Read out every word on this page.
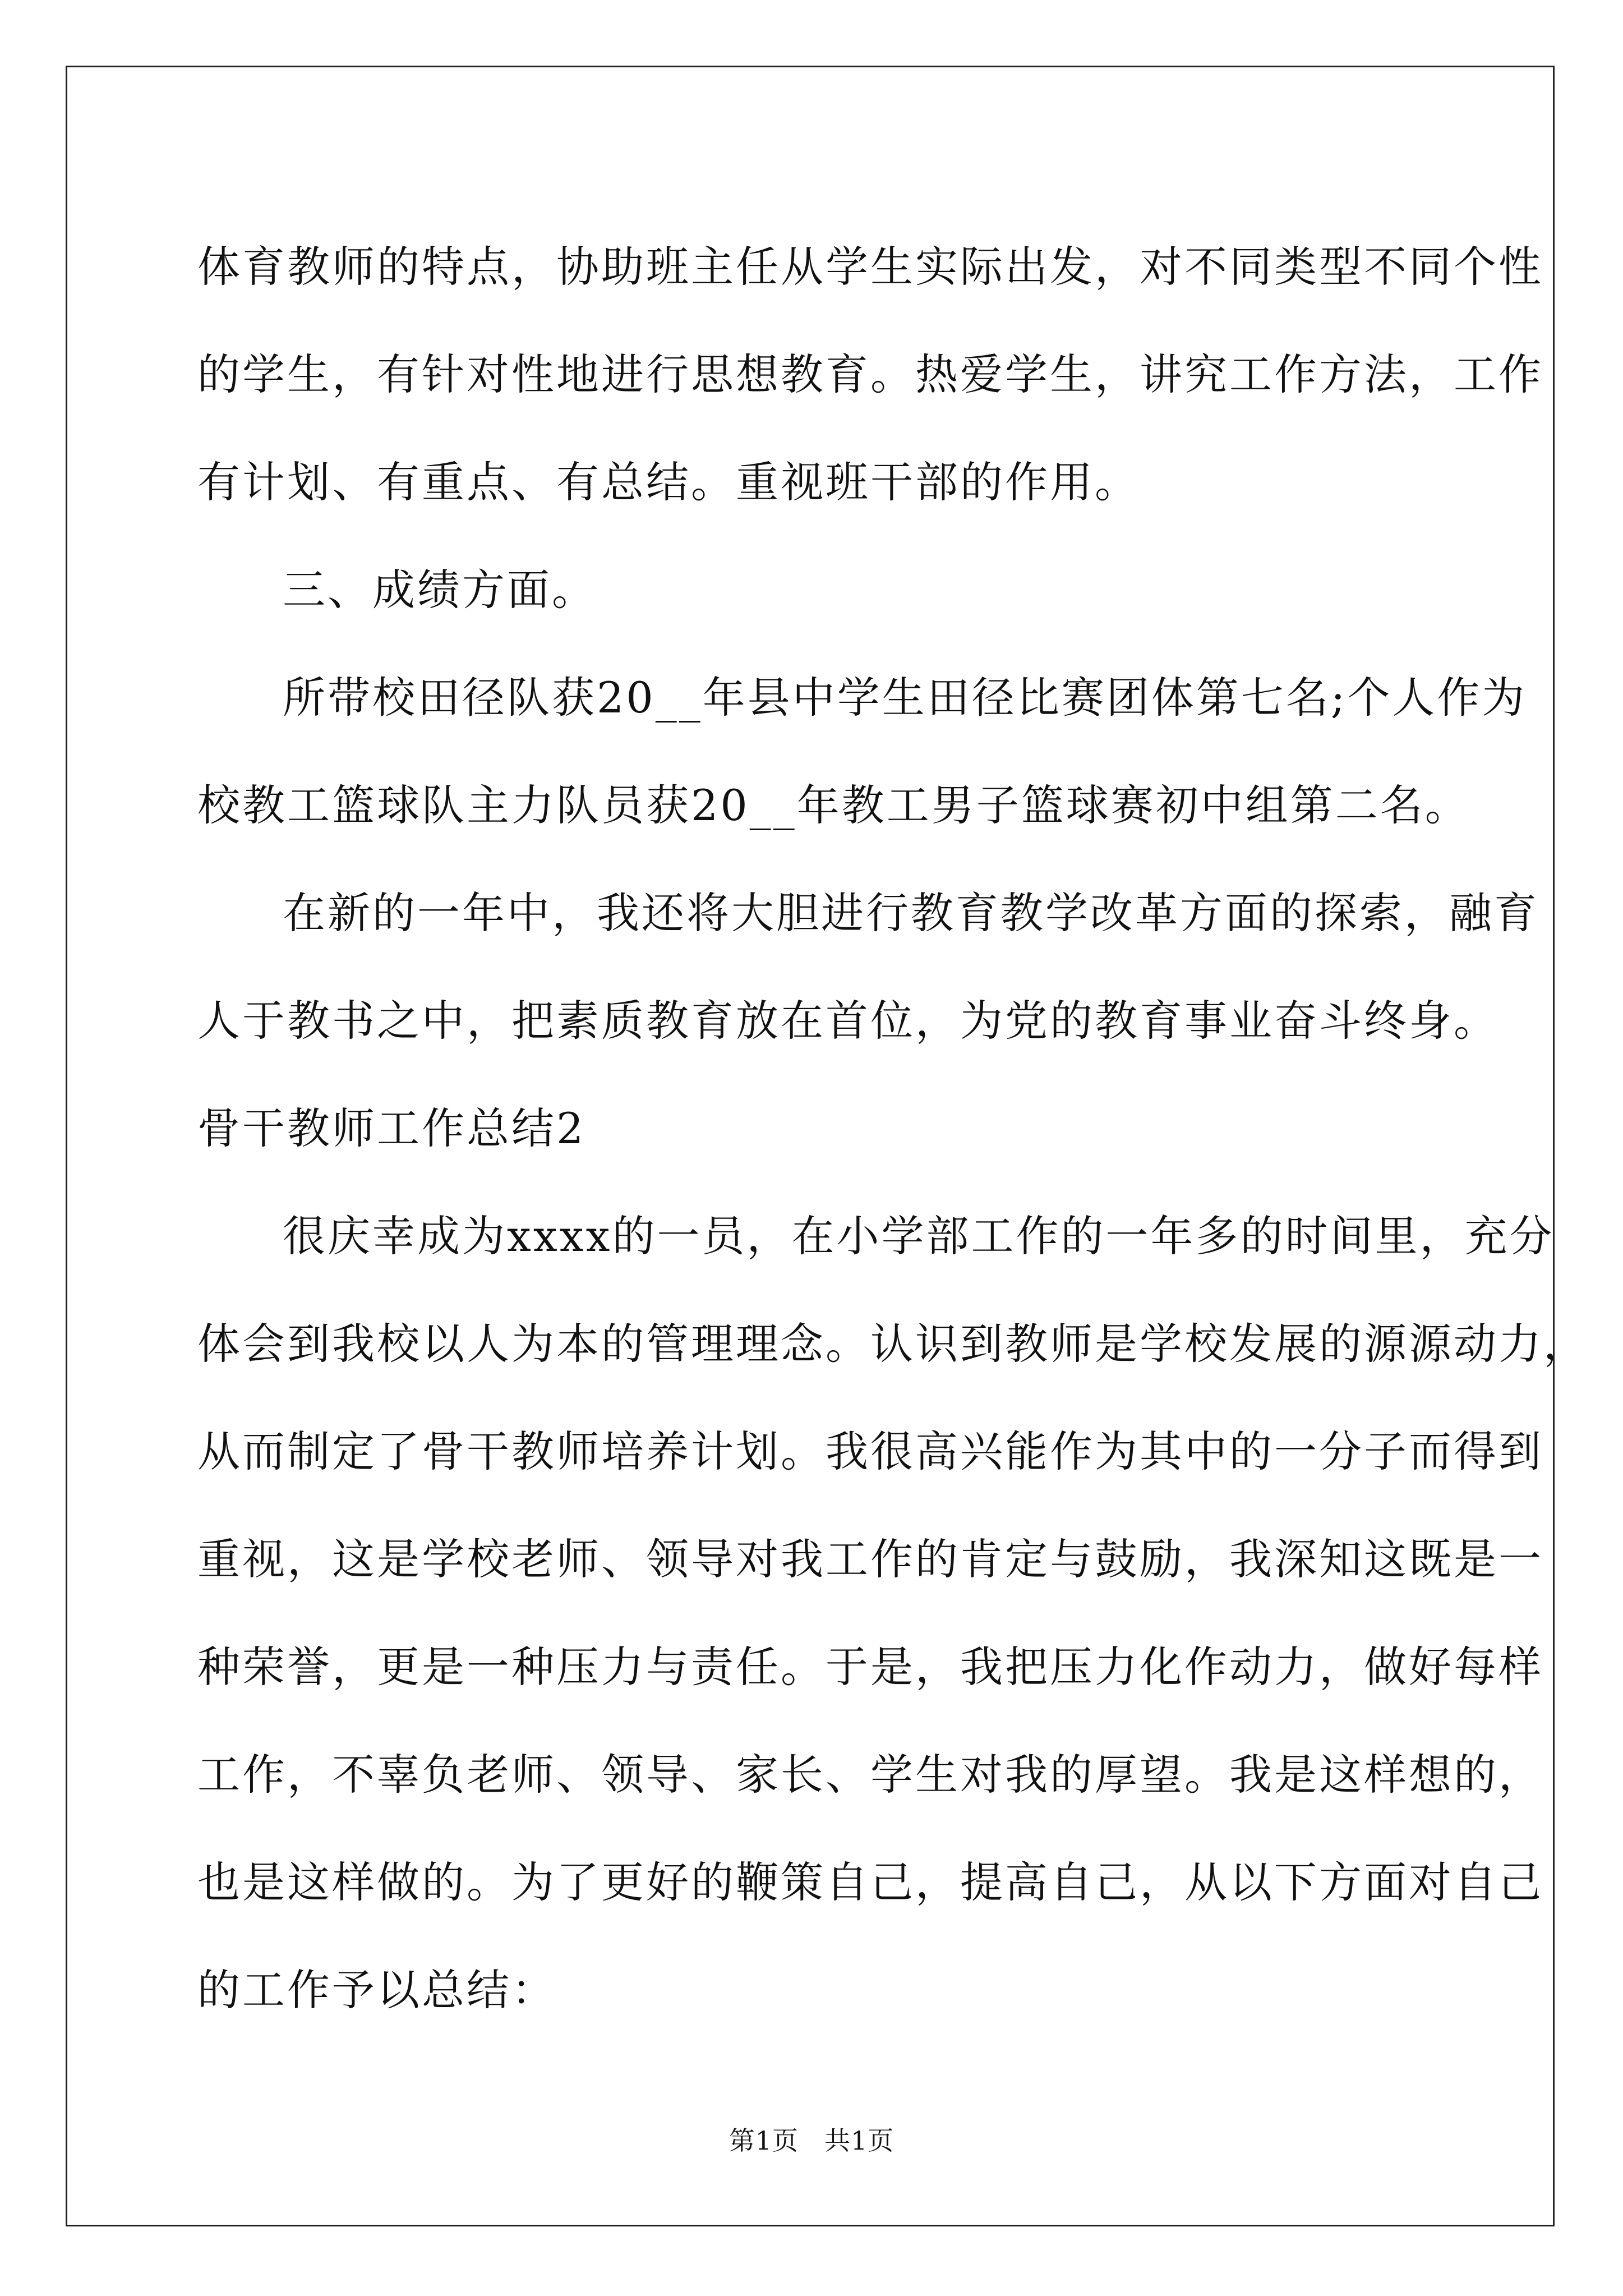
体育教师的特点，协助班主任从学生实际出发，对不同类型不同个性
的学生，有针对性地进行思想教育。热爱学生，讲究工作方法，工作
有计划、有重点、有总结。重视班干部的作用。
三、成绩方面。
所带校田径队获20__年县中学生田径比赛团体第七名;个人作为
校教工篮球队主力队员获20__年教工男子篮球赛初中组第二名。
在新的一年中，我还将大胆进行教育教学改革方面的探索，融育
人于教书之中，把素质教育放在首位，为党的教育事业奋斗终身。
骨干教师工作总结2
很庆幸成为xxxx的一员，在小学部工作的一年多的时间里，充分
体会到我校以人为本的管理理念。认识到教师是学校发展的源源动力，
从而制定了骨干教师培养计划。我很高兴能作为其中的一分子而得到
重视，这是学校老师、领导对我工作的肯定与鼓励，我深知这既是一
种荣誉，更是一种压力与责任。于是，我把压力化作动力，做好每样
工作，不辜负老师、领导、家长、学生对我的厚望。我是这样想的，
也是这样做的。为了更好的鞭策自己，提高自己，从以下方面对自己
的工作予以总结：
第1页 共1页
